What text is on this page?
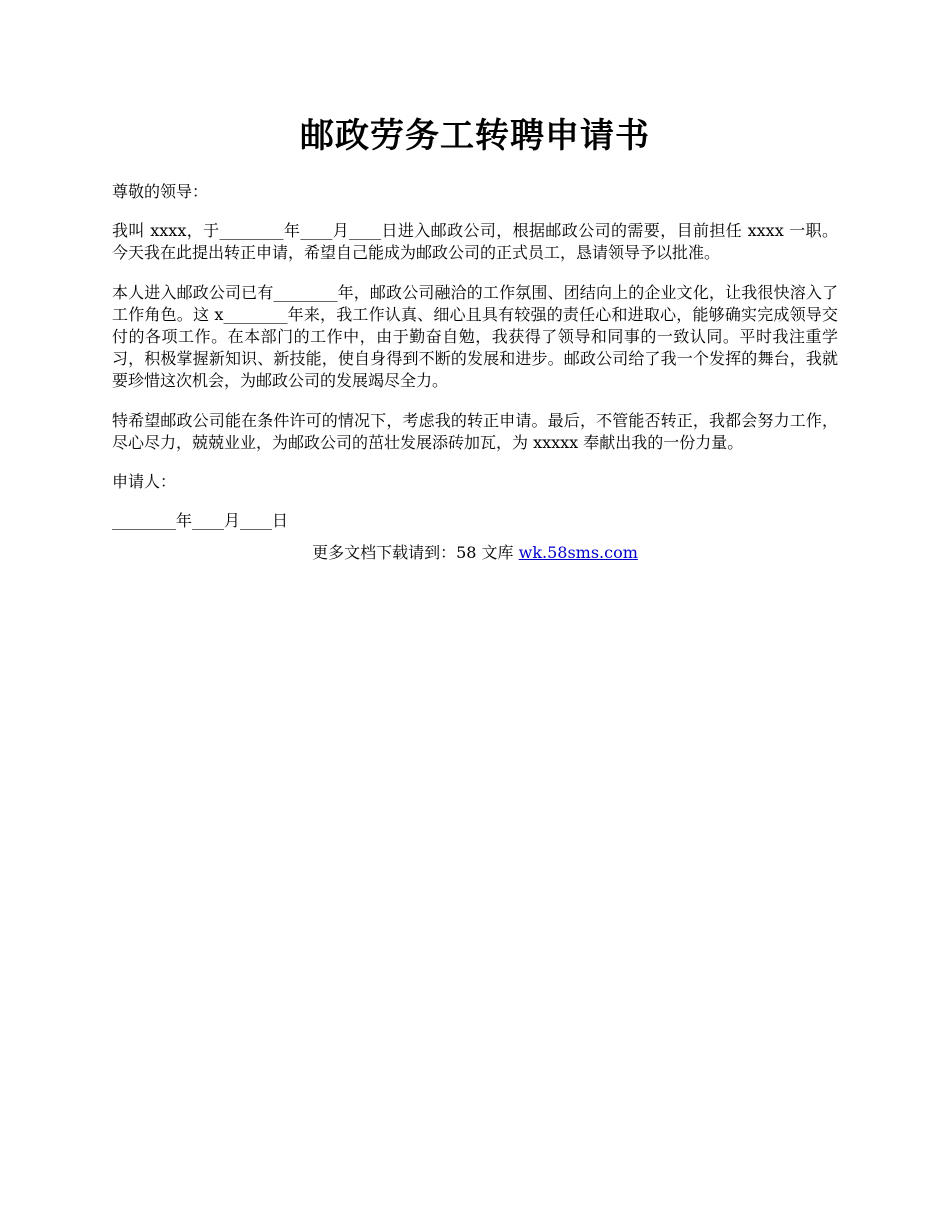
邮政劳务工转聘申请书

尊敬的领导：

我叫 xxxx，于________年____月____日进入邮政公司，根据邮政公司的需要，目前担任 xxxx 一职。今天我在此提出转正申请，希望自己能成为邮政公司的正式员工，恳请领导予以批准。

本人进入邮政公司已有________年，邮政公司融洽的工作氛围、团结向上的企业文化，让我很快溶入了工作角色。这 x________年来，我工作认真、细心且具有较强的责任心和进取心，能够确实完成领导交付的各项工作。在本部门的工作中，由于勤奋自勉，我获得了领导和同事的一致认同。平时我注重学习，积极掌握新知识、新技能，使自身得到不断的发展和进步。邮政公司给了我一个发挥的舞台，我就要珍惜这次机会，为邮政公司的发展竭尽全力。

特希望邮政公司能在条件许可的情况下，考虑我的转正申请。最后，不管能否转正，我都会努力工作，尽心尽力，兢兢业业，为邮政公司的茁壮发展添砖加瓦，为 xxxxx 奉献出我的一份力量。

申请人：

________年____月____日

更多文档下载请到：58 文库 wk.58sms.com
